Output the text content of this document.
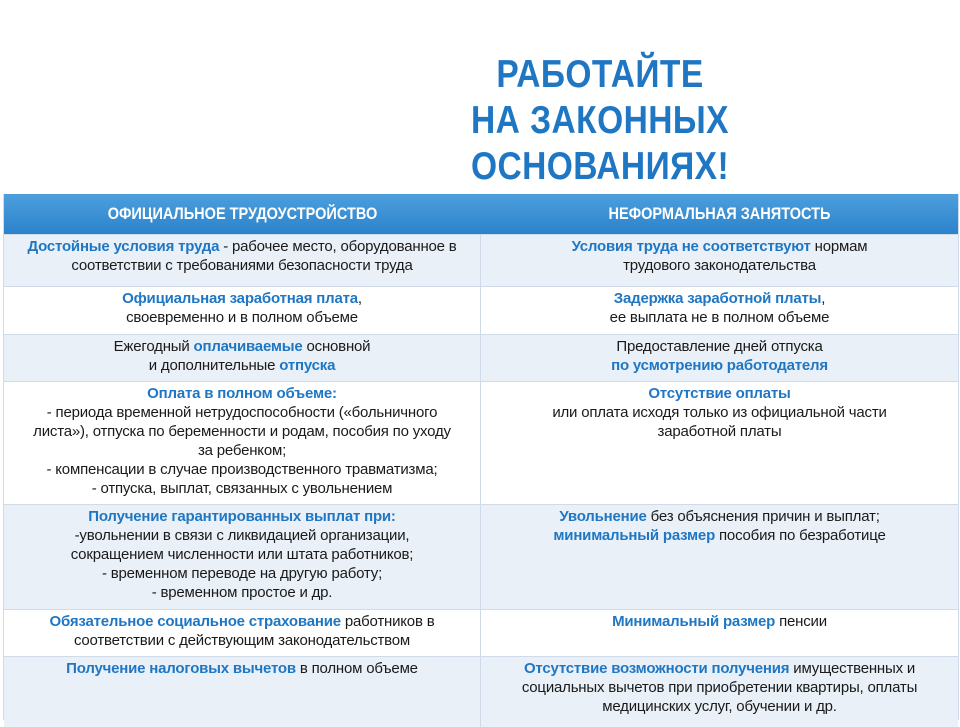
РАБОТАЙТЕ
НА ЗАКОННЫХ ОСНОВАНИЯХ!
ОФИЦИАЛЬНОЕ ТРУДОУСТРОЙСТВО	НЕФОРМАЛЬНАЯ ЗАНЯТОСТЬ
Достойные условия труда - рабочее место, оборудованное в
соответствии с требованиями безопасности труда
Условия труда не соответствуют нормам
трудового законодательства
Официальная заработная плата,
своевременно и в полном объеме
Задержка заработной платы,
ее выплата не в полном объеме
Ежегодный оплачиваемые основной
и дополнительные отпуска
Предоставление дней отпуска
по усмотрению работодателя
Оплата в полном объеме:
- периода временной нетрудоспособности («больничного
листа»), отпуска по беременности и родам, пособия по уходу
за ребенком;
- компенсации в случае производственного травматизма;
- отпуска, выплат, связанных с увольнением
Отсутствие оплаты
или оплата исходя только из официальной части
заработной платы
Получение гарантированных выплат при:
-увольнении в связи с ликвидацией организации,
сокращением численности или штата работников;
- временном переводе на другую работу;
- временном простое и др.
Увольнение без объяснения причин и выплат;
минимальный размер пособия по безработице
Обязательное социальное страхование работников в
соответствии с действующим законодательством
Минимальный размер пенсии
Получение налоговых вычетов в полном объеме	Отсутствие возможности получения имущественных и
социальных вычетов при приобретении квартиры, оплаты
медицинских услуг, обучении и др.
